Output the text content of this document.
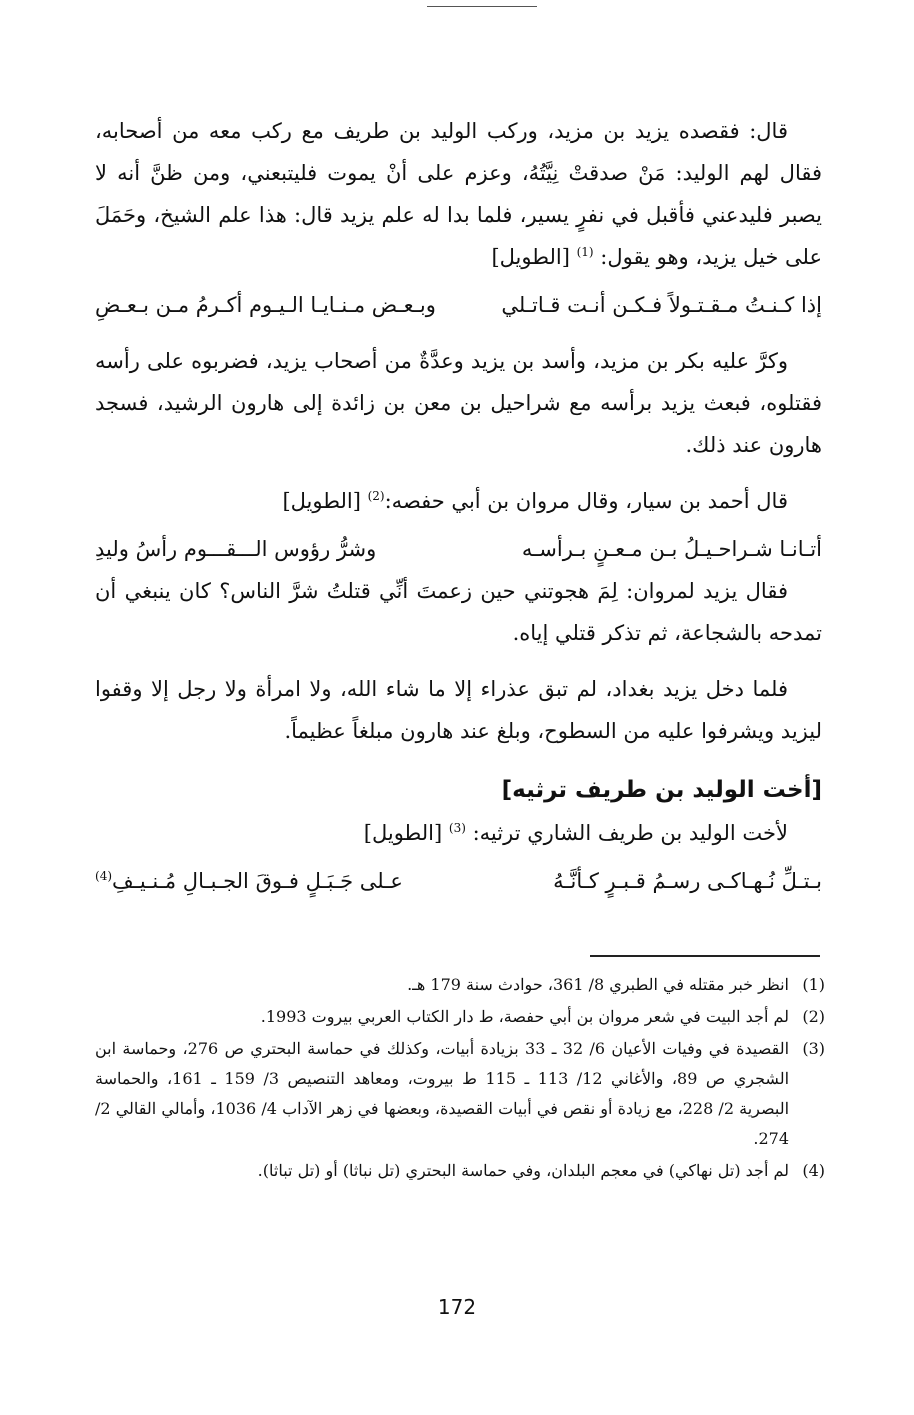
قال: فقصده يزيد بن مزيد، وركب الوليد بن طريف مع ركب معه من أصحابه، فقال لهم الوليد: مَنْ صدقتْ نِيَّتُهُ، وعزم على أنْ يموت فليتبعني، ومن ظنَّ أنه لا يصبر فليدعني فأقبل في نفرٍ يسير، فلما بدا له علم يزيد قال: هذا علم الشيخ، وحَمَلَ على خيل يزيد، وهو يقول: $^{(1)}$ [الطويل]

إذا كـنـتُ مـقـتـولاً فـكـن أنـت قـاتـلي
وبـعـض مـنـايـا الـيـوم أكـرمُ مـن بـعـضِ

وكرَّ عليه بكر بن مزيد، وأسد بن يزيد وعدَّةٌ من أصحاب يزيد، فضربوه على رأسه فقتلوه، فبعث يزيد برأسه مع شراحيل بن معن بن زائدة إلى هارون الرشيد، فسجد هارون عند ذلك.

قال أحمد بن سيار، وقال مروان بن أبي حفصه:$^{(2)}$ [الطويل]

أتـانـا شـراحـيـلُ بـن مـعـنٍ بـرأسـه
وشرُّ رؤوس الـــقـــوم رأسُ وليدِ

فقال يزيد لمروان: لِمَ هجوتني حين زعمتَ أنِّي قتلتُ شرَّ الناس؟ كان ينبغي أن تمدحه بالشجاعة، ثم تذكر قتلي إياه.

فلما دخل يزيد بغداد، لم تبق عذراء إلا ما شاء الله، ولا امرأة ولا رجل إلا وقفوا ليزيد ويشرفوا عليه من السطوح، وبلغ عند هارون مبلغاً عظيماً.

[أخت الوليد بن طريف ترثيه]

لأخت الوليد بن طريف الشاري ترثيه: $^{(3)}$ [الطويل]

بـتـلِّ نُـهـاكـى رسـمُ قـبـرٍ كـأنَّـهُ
عـلى جَـبَـلٍ فـوقَ الجـبـالِ مُـنـيـفِ$^{(4)}$
(1)
انظر خبر مقتله في الطبري 8/ 361، حوادث سنة 179 هـ.
(2)
لم أجد البيت في شعر مروان بن أبي حفصة، ط دار الكتاب العربي بيروت 1993.
(3)
القصيدة في وفيات الأعيان 6/ 32 ـ 33 بزيادة أبيات، وكذلك في حماسة البحتري ص 276، وحماسة ابن الشجري ص 89، والأغاني 12/ 113 ـ 115 ط بيروت، ومعاهد التنصيص 3/ 159 ـ 161، والحماسة البصرية 2/ 228، مع زيادة أو نقص في أبيات القصيدة، وبعضها في زهر الآداب 4/ 1036، وأمالي القالي 2/ 274.
(4)
لم أجد (تل نهاكي) في معجم البلدان، وفي حماسة البحتري (تل نباثا) أو (تل تباثا).
172
